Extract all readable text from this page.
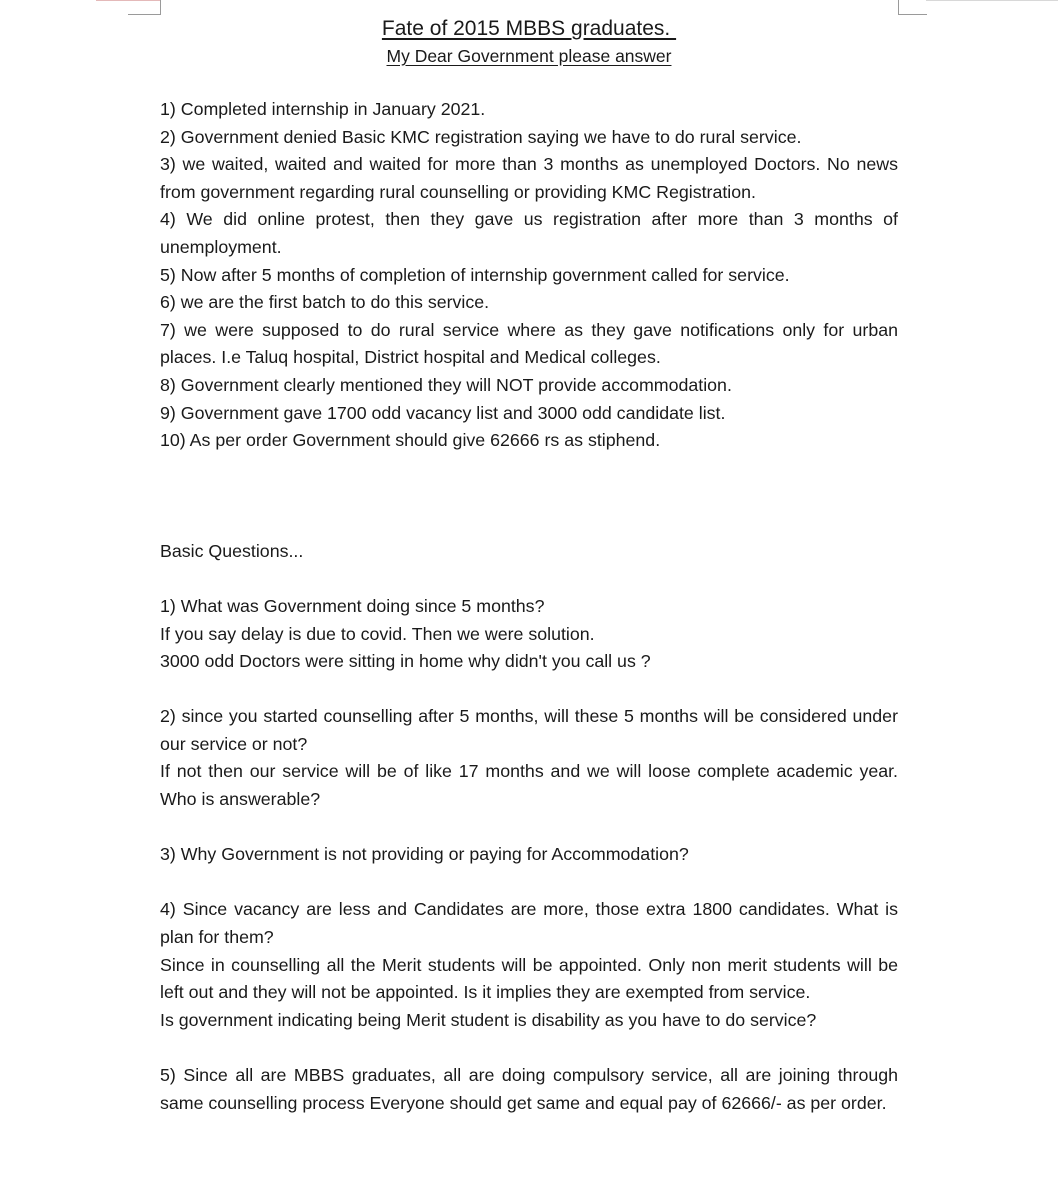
Fate of 2015 MBBS graduates.
My Dear Government please answer

1) Completed internship in January 2021.

2) Government denied Basic KMC registration saying we have to do rural service.

3) we waited, waited and waited for more than 3 months as unemployed Doctors. No news from government regarding rural counselling or providing KMC Registration.

4) We did online protest, then they gave us registration after more than 3 months of unemployment.

5) Now after 5 months of completion of internship government called for service.

6) we are the first batch to do this service.

7) we were supposed to do rural service where as they gave notifications only for urban places. I.e Taluq hospital, District hospital and Medical colleges.

8) Government clearly mentioned they will NOT provide accommodation.

9) Government gave 1700 odd vacancy list and 3000 odd candidate list.

10) As per order Government should give 62666 rs as stiphend.

Basic Questions...

1) What was Government doing since 5 months?

If you say delay is due to covid. Then we were solution.

3000 odd Doctors were sitting in home why didn't you call us ?

2) since you started counselling after 5 months, will these 5 months will be considered under our service or not?

If not then our service will be of like 17 months and we will loose complete academic year. Who is answerable?

3) Why Government is not providing or paying for Accommodation?

4) Since vacancy are less and Candidates are more, those extra 1800 candidates. What is plan for them?

Since in counselling all the Merit students will be appointed. Only non merit students will be left out and they will not be appointed. Is it implies they are exempted from service.

Is government indicating being Merit student is disability as you have to do service?

5) Since all are MBBS graduates, all are doing compulsory service, all are joining through same counselling process Everyone should get same and equal pay of 62666/- as per order.
